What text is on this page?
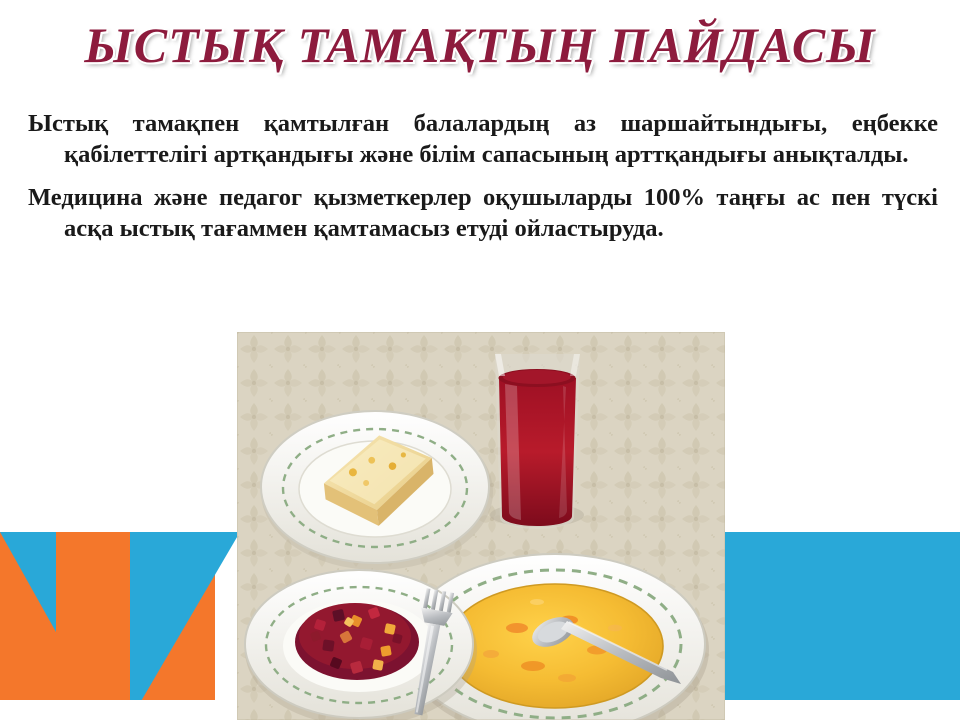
ЫСТЫҚ ТАМАҚТЫҢ ПАЙДАСЫ

Ыстық тамақпен қамтылған балалардың аз шаршайтындығы, еңбекке қабілеттелігі артқандығы және білім сапасының арттқандығы анықталды.

Медицина және педагог қызметкерлер оқушыларды 100% таңғы ас пен түскі асқа ыстық тағаммен қамтамасыз етуді ойластыруда.
